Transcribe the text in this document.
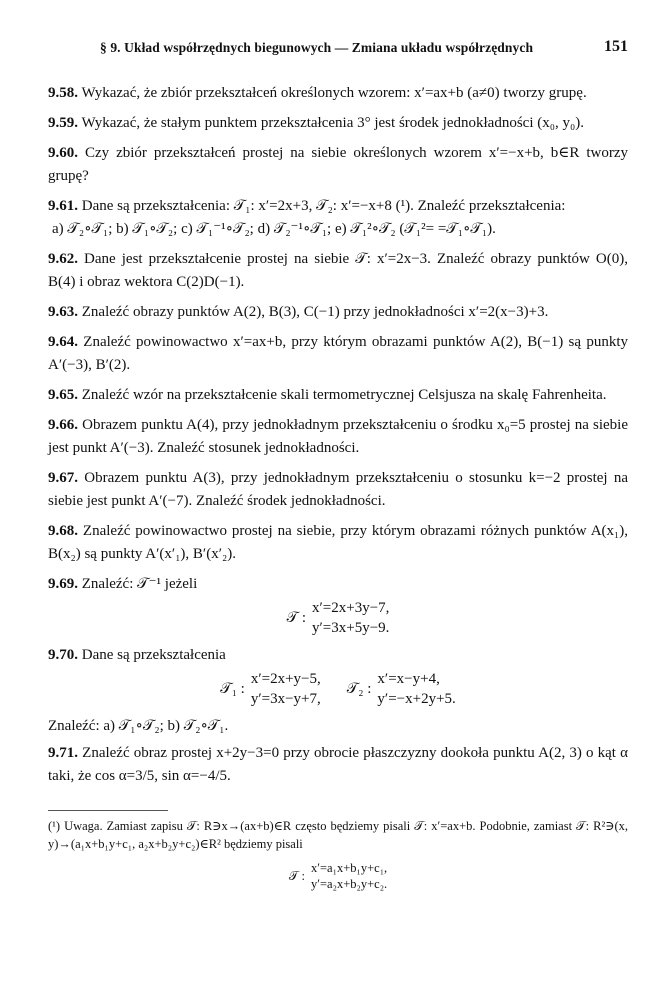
§ 9. Układ współrzędnych biegunowych — Zmiana układu współrzędnych	151

9.58. Wykazać, że zbiór przekształceń określonych wzorem: x′=ax+b (a≠0) tworzy grupę.

9.59. Wykazać, że stałym punktem przekształcenia 3° jest środek jednokładności (x₀, y₀).

9.60. Czy zbiór przekształceń prostej na siebie określonych wzorem x′=−x+b, b∈R tworzy grupę?

9.61. Dane są przekształcenia: 𝒯₁: x′=2x+3, 𝒯₂: x′=−x+8 (¹). Znaleźć przekształcenia:

a) 𝒯₂∘𝒯₁; b) 𝒯₁∘𝒯₂; c) 𝒯₁⁻¹∘𝒯₂; d) 𝒯₂⁻¹∘𝒯₁; e) 𝒯₁²∘𝒯₂ (𝒯₁²= =𝒯₁∘𝒯₁).

9.62. Dane jest przekształcenie prostej na siebie 𝒯: x′=2x−3. Znaleźć obrazy punktów O(0), B(4) i obraz wektora C(2)D(−1).

9.63. Znaleźć obrazy punktów A(2), B(3), C(−1) przy jednokładności x′=2(x−3)+3.

9.64. Znaleźć powinowactwo x′=ax+b, przy którym obrazami punktów A(2), B(−1) są punkty A′(−3), B′(2).

9.65. Znaleźć wzór na przekształcenie skali termometrycznej Celsjusza na skalę Fahrenheita.

9.66. Obrazem punktu A(4), przy jednokładnym przekształceniu o środku x₀=5 prostej na siebie jest punkt A′(−3). Znaleźć stosunek jednokładności.

9.67. Obrazem punktu A(3), przy jednokładnym przekształceniu o stosunku k=−2 prostej na siebie jest punkt A′(−7). Znaleźć środek jednokładności.

9.68. Znaleźć powinowactwo prostej na siebie, przy którym obrazami różnych punktów A(x₁), B(x₂) są punkty A′(x′₁), B′(x′₂).

9.69. Znaleźć: 𝒯⁻¹ jeżeli

𝒯 :
x′=2x+3y−7,
y′=3x+5y−9.

9.70. Dane są przekształcenia

𝒯₁ :
x′=2x+y−5,
y′=3x−y+7,
𝒯₂ :
x′=x−y+4,
y′=−x+2y+5.

Znaleźć: a) 𝒯₁∘𝒯₂; b) 𝒯₂∘𝒯₁.

9.71. Znaleźć obraz prostej x+2y−3=0 przy obrocie płaszczyzny dookoła punktu A(2, 3) o kąt α taki, że cos α=3/5, sin α=−4/5.

(¹) Uwaga. Zamiast zapisu 𝒯: R∋x→(ax+b)∈R często będziemy pisali 𝒯: x′=ax+b. Podobnie, zamiast 𝒯: R²∋(x, y)→(a₁x+b₁y+c₁, a₂x+b₂y+c₂)∈R² będziemy pisali

𝒯 :
x′=a₁x+b₁y+c₁,
y′=a₂x+b₂y+c₂.
